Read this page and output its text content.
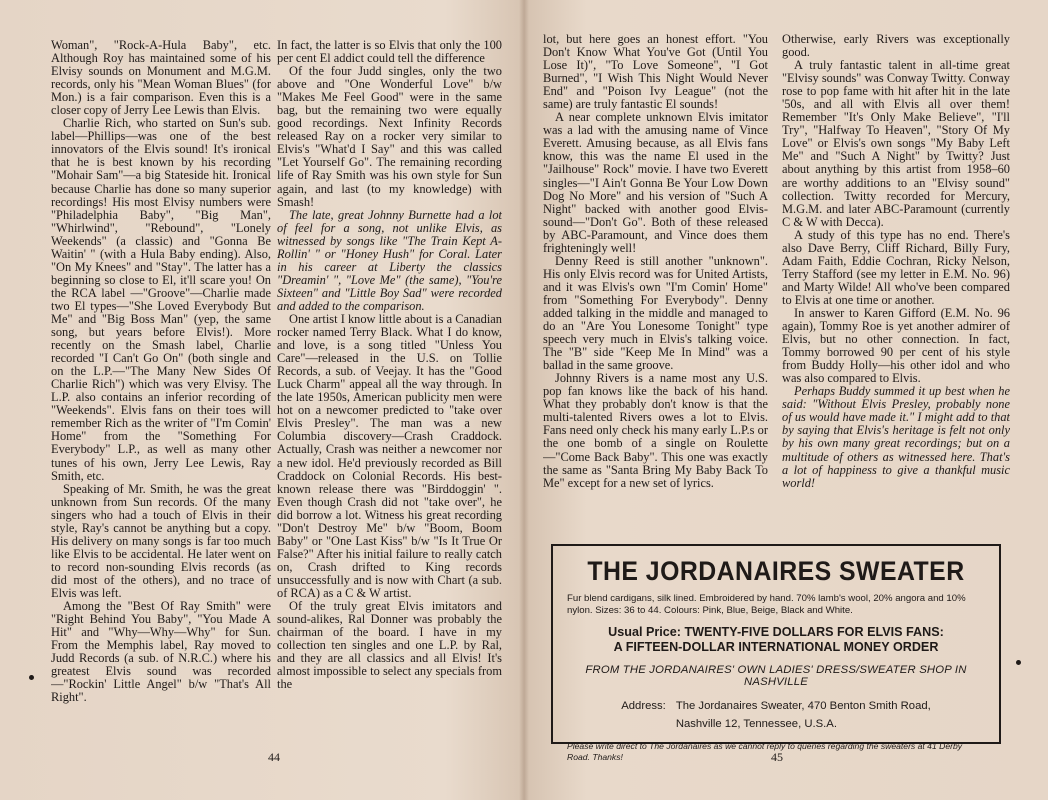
Woman", "Rock-A-Hula Baby", etc. Although Roy has maintained some of his Elvisy sounds on Monument and M.G.M. records, only his "Mean Woman Blues" (for Mon.) is a fair comparison. Even this is a closer copy of Jerry Lee Lewis than Elvis.

Charlie Rich, who started on Sun's sub. label—Phillips—was one of the best innovators of the Elvis sound! It's ironical that he is best known by his recording "Mohair Sam"—a big Stateside hit. Ironical because Charlie has done so many superior recordings! His most Elvisy numbers were "Philadelphia Baby", "Big Man", "Whirlwind", "Rebound", "Lonely Weekends" (a classic) and "Gonna Be Waitin' " (with a Hula Baby ending). Also, "On My Knees" and "Stay". The latter has a beginning so close to El, it'll scare you! On the RCA label —"Groove"—Charlie made two El types—"She Loved Everybody But Me" and "Big Boss Man" (yep, the same song, but years before Elvis!). More recently on the Smash label, Charlie recorded "I Can't Go On" (both single and on the L.P.—"The Many New Sides Of Charlie Rich") which was very Elvisy. The L.P. also contains an inferior recording of "Weekends". Elvis fans on their toes will remember Rich as the writer of "I'm Comin' Home" from the "Something For Everybody" L.P., as well as many other tunes of his own, Jerry Lee Lewis, Ray Smith, etc.

Speaking of Mr. Smith, he was the great unknown from Sun records. Of the many singers who had a touch of Elvis in their style, Ray's cannot be anything but a copy. His delivery on many songs is far too much like Elvis to be accidental. He later went on to record non-sounding Elvis records (as did most of the others), and no trace of Elvis was left.

Among the "Best Of Ray Smith" were "Right Behind You Baby", "You Made A Hit" and "Why—Why—Why" for Sun. From the Memphis label, Ray moved to Judd Records (a sub. of N.R.C.) where his greatest Elvis sound was recorded—"Rockin' Little Angel" b/w "That's All Right".

In fact, the latter is so Elvis that only the 100 per cent El addict could tell the difference

Of the four Judd singles, only the two above and "One Wonderful Love" b/w "Makes Me Feel Good" were in the same bag, but the remaining two were equally good recordings. Next Infinity Records released Ray on a rocker very similar to Elvis's "What'd I Say" and this was called "Let Yourself Go". The remaining recording life of Ray Smith was his own style for Sun again, and last (to my knowledge) with Smash!

The late, great Johnny Burnette had a lot of feel for a song, not unlike Elvis, as witnessed by songs like "The Train Kept A-Rollin' " or "Honey Hush" for Coral. Later in his career at Liberty the classics "Dreamin' ", "Love Me" (the same), "You're Sixteen" and "Little Boy Sad" were recorded and added to the comparison.

One artist I know little about is a Canadian rocker named Terry Black. What I do know, and love, is a song titled "Unless You Care"—released in the U.S. on Tollie Records, a sub. of Veejay. It has the "Good Luck Charm" appeal all the way through. In the late 1950s, American publicity men were hot on a newcomer predicted to "take over Elvis Presley". The man was a new Columbia discovery—Crash Craddock. Actually, Crash was neither a newcomer nor a new idol. He'd previously recorded as Bill Craddock on Colonial Records. His best-known release there was "Birddoggin' ". Even though Crash did not "take over", he did borrow a lot. Witness his great recording "Don't Destroy Me" b/w "Boom, Boom Baby" or "One Last Kiss" b/w "Is It True Or False?" After his initial failure to really catch on, Crash drifted to King records unsuccessfully and is now with Chart (a sub. of RCA) as a C & W artist.

Of the truly great Elvis imitators and sound-alikes, Ral Donner was probably the chairman of the board. I have in my collection ten singles and one L.P. by Ral, and they are all classics and all Elvis! It's almost impossible to select any specials from the

lot, but here goes an honest effort. "You Don't Know What You've Got (Until You Lose It)", "To Love Someone", "I Got Burned", "I Wish This Night Would Never End" and "Poison Ivy League" (not the same) are truly fantastic El sounds!

A near complete unknown Elvis imitator was a lad with the amusing name of Vince Everett. Amusing because, as all Elvis fans know, this was the name El used in the "Jailhouse" Rock" movie. I have two Everett singles—"I Ain't Gonna Be Your Low Down Dog No More" and his version of "Such A Night" backed with another good Elvis-sound—"Don't Go". Both of these released by ABC-Paramount, and Vince does them frighteningly well!

Denny Reed is still another "unknown". His only Elvis record was for United Artists, and it was Elvis's own "I'm Comin' Home" from "Something For Everybody". Denny added talking in the middle and managed to do an "Are You Lonesome Tonight" type speech very much in Elvis's talking voice. The "B" side "Keep Me In Mind" was a ballad in the same groove.

Johnny Rivers is a name most any U.S. pop fan knows like the back of his hand. What they probably don't know is that the multi-talented Rivers owes a lot to Elvis. Fans need only check his many early L.P.s or the one bomb of a single on Roulette—"Come Back Baby". This one was exactly the same as "Santa Bring My Baby Back To Me" except for a new set of lyrics.

Otherwise, early Rivers was exceptionally good.

A truly fantastic talent in all-time great "Elvisy sounds" was Conway Twitty. Conway rose to pop fame with hit after hit in the late '50s, and all with Elvis all over them! Remember "It's Only Make Believe", "I'll Try", "Halfway To Heaven", "Story Of My Love" or Elvis's own songs "My Baby Left Me" and "Such A Night" by Twitty? Just about anything by this artist from 1958–60 are worthy additions to an "Elvisy sound" collection. Twitty recorded for Mercury, M.G.M. and later ABC-Paramount (currently C & W with Decca).

A study of this type has no end. There's also Dave Berry, Cliff Richard, Billy Fury, Adam Faith, Eddie Cochran, Ricky Nelson, Terry Stafford (see my letter in E.M. No. 96) and Marty Wilde! All who've been compared to Elvis at one time or another.

In answer to Karen Gifford (E.M. No. 96 again), Tommy Roe is yet another admirer of Elvis, but no other connection. In fact, Tommy borrowed 90 per cent of his style from Buddy Holly—his other idol and who was also compared to Elvis.

Perhaps Buddy summed it up best when he said: "Without Elvis Presley, probably none of us would have made it." I might add to that by saying that Elvis's heritage is felt not only by his own many great recordings; but on a multitude of others as witnessed here. That's a lot of happiness to give a thankful music world!

44	45
THE JORDANAIRES SWEATER
Fur blend cardigans, silk lined. Embroidered by hand. 70% lamb's wool, 20% angora and 10% nylon. Sizes: 36 to 44. Colours: Pink, Blue, Beige, Black and White.
Usual Price: TWENTY-FIVE DOLLARS FOR ELVIS FANS:
A FIFTEEN-DOLLAR INTERNATIONAL MONEY ORDER
FROM THE JORDANAIRES' OWN LADIES' DRESS/SWEATER SHOP IN NASHVILLE
Address: The Jordanaires Sweater, 470 Benton Smith Road,
Nashville 12, Tennessee, U.S.A.
Please write direct to The Jordanaires as we cannot reply to queries regarding the sweaters at 41 Derby Road. Thanks!
